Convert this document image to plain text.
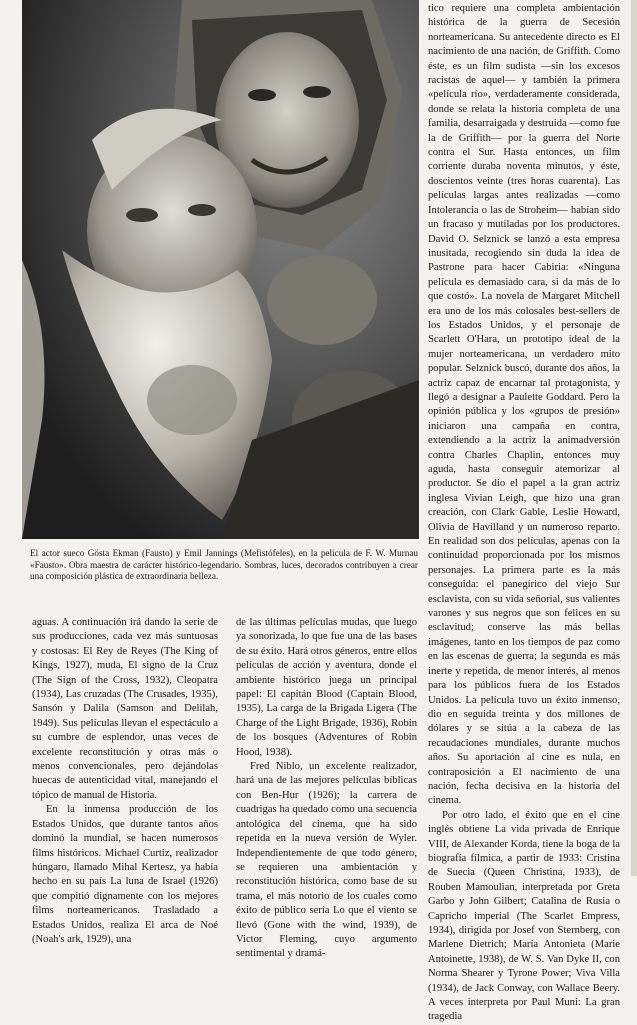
El actor sueco Gösta Ekman (Fausto) y Emil Jannings (Mefistófeles), en la película de F. W. Murnau «Fausto». Obra maestra de carácter histórico-legendario. Sombras, luces, decorados contribuyen a crear una composición plástica de extraordinaria belleza.

aguas. A continuación irá dando la serie de sus producciones, cada vez más suntuosas y costosas: El Rey de Reyes (The King of Kings, 1927), muda, El signo de la Cruz (The Sign of the Cross, 1932), Cleopatra (1934), Las cruzadas (The Crusades, 1935), Sansón y Dalila (Samson and Delilah, 1949). Sus películas llevan el espectáculo a su cumbre de esplendor, unas veces de excelente reconstitución y otras más o menos convencionales, pero dejándolas huecas de autenticidad vital, manejando el tópico de manual de Historia.

En la inmensa producción de los Estados Unidos, que durante tantos años dominó la mundial, se hacen numerosos films históricos. Michael Curtiz, realizador húngaro, llamado Mihal Kertesz, ya había hecho en su país La luna de Israel (1926) que compitió dignamente con los mejores films norteamericanos. Trasladado a Estados Unidos, realiza El arca de Noé (Noah's ark, 1929), una

de las últimas películas mudas, que luego ya sonorizada, lo que fue una de las bases de su éxito. Hará otros géneros, entre ellos películas de acción y aventura, donde el ambiente histórico juega un principal papel: El capitán Blood (Captain Blood, 1935), La carga de la Brigada Ligera (The Charge of the Light Brigade, 1936), Robin de los bosques (Adventures of Robin Hood, 1938).

Fred Niblo, un excelente realizador, hará una de las mejores películas bíblicas con Ben-Hur (1926); la carrera de cuadrigas ha quedado como una secuencia antológica del cinema, que ha sido repetida en la nueva versión de Wyler. Independientemente de que todo género, se requieren una ambientación y reconstitución histórica, como base de su trama, el más notorio de los cuales como éxito de público sería Lo que el viento se llevó (Gone with the wind, 1939), de Victor Fleming, cuyo argumento sentimental y dramá-

tico requiere una completa ambientación histórica de la guerra de Secesión norteamericana. Su antecedente directo es El nacimiento de una nación, de Griffith. Como éste, es un film sudista —sin los excesos racistas de aquel— y también la primera «película río», verdaderamente considerada, donde se relata la historia completa de una familia, desarraigada y destruida —como fue la de Griffith— por la guerra del Norte contra el Sur. Hasta entonces, un film corriente duraba noventa minutos, y éste, doscientos veinte (tres horas cuarenta). Las películas largas antes realizadas —como Intolerancia o las de Stroheim— habían sido un fracaso y mutiladas por los productores. David O. Selznick se lanzó a esta empresa inusitada, recogiendo sin duda la idea de Pastrone para hacer Cabiria: «Ninguna película es demasiado cara, si da más de lo que costó». La novela de Margaret Mitchell era uno de los más colosales best-sellers de los Estados Unidos, y el personaje de Scarlett O'Hara, un prototipo ideal de la mujer norteamericana, un verdadero mito popular. Selznick buscó, durante dos años, la actriz capaz de encarnar tal protagonista, y llegó a designar a Paulette Goddard. Pero la opinión pública y los «grupos de presión» iniciaron una campaña en contra, extendiendo a la actriz la animadversión contra Charles Chaplin, entonces muy aguda, hasta conseguir atemorizar al productor. Se dio el papel a la gran actriz inglesa Vivian Leigh, que hizo una gran creación, con Clark Gable, Leslie Howard, Olivia de Havilland y un numeroso reparto. En realidad son dos películas, apenas con la continuidad proporcionada por los mismos personajes. La primera parte es la más conseguida: el panegírico del viejo Sur esclavista, con su vida señorial, sus valientes varones y sus negros que son felices en su esclavitud; conserve las más bellas imágenes, tanto en los tiempos de paz como en las escenas de guerra; la segunda es más inerte y repetida, de menor interés, al menos para los públicos fuera de los Estados Unidos. La película tuvo un éxito inmenso, dio en seguida treinta y dos millones de dólares y se sitúa a la cabeza de las recaudaciones mundiales, durante muchos años. Su aportación al cine es nula, en contraposición a El nacimiento de una nación, fecha decisiva en la historia del cinema.

Por otro lado, el éxito que en el cine inglés obtiene La vida privada de Enrique VIII, de Alexander Korda, tiene la boga de la biografía fílmica, a partir de 1933: Cristina de Suecia (Queen Christina, 1933), de Rouben Mamoulian, interpretada por Greta Garbo y John Gilbert; Catalina de Rusia o Capricho imperial (The Scarlet Empress, 1934), dirigida por Josef von Sternberg, con Marlene Dietrich; María Antonieta (Marie Antoinette, 1938), de W. S. Van Dyke II, con Norma Shearer y Tyrone Power; Viva Villa (1934), de Jack Conway, con Wallace Beery. A veces interpreta por Paul Muni: La gran tragedia
